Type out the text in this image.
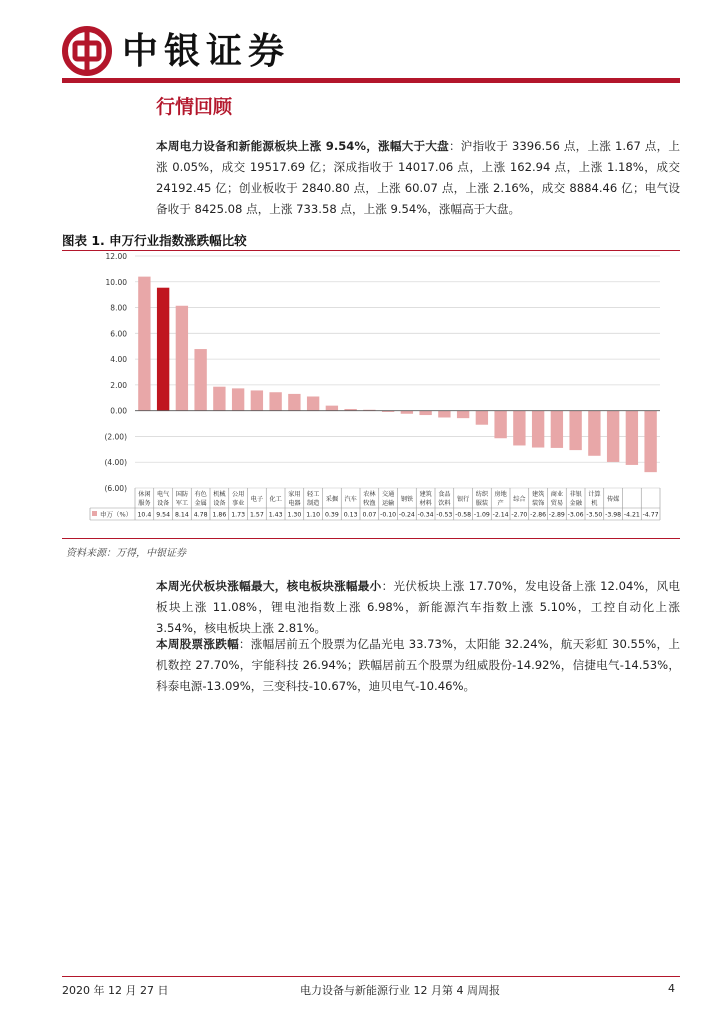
中银证券
行情回顾
本周电力设备和新能源板块上涨 9.54%，涨幅大于大盘：沪指收于 3396.56 点，上涨 1.67 点，上涨 0.05%，成交 19517.69 亿；深成指收于 14017.06 点，上涨 162.94 点，上涨 1.18%，成交 24192.45 亿；创业板收于 2840.80 点，上涨 60.07 点，上涨 2.16%，成交 8884.46 亿；电气设备收于 8425.08 点，上涨 733.58 点，上涨 9.54%，涨幅高于大盘。
图表 1. 申万行业指数涨跌幅比较
12.00
10.00
8.00
6.00
4.00
2.00
0.00
(2.00)
(4.00)
(6.00)
申万（%）
休闲
服务
电气
设备
国防
军工
有色
金属
机械
设备
公用
事业
电子 化工
家用
电器
轻工
制造
采掘 汽车
农林
牧渔
交通
运输
钢铁
建筑
材料
食品
饮料
银行
纺织
服装
房地
产
综合
建筑
装饰
商业
贸易
非银
金融
计算
机
传媒
10.4 9.54 8.14 4.78 1.86 1.73 1.57 1.43 1.30 1.10 0.39 0.13 0.07 -0.10 -0.24 -0.34 -0.53 -0.58 -1.09 -2.14 -2.70 -2.86 -2.89 -3.06 -3.50 -3.98 -4.21 -4.77
资料来源：万得，中银证券
本周光伏板块涨幅最大，核电板块涨幅最小：光伏板块上涨 17.70%，发电设备上涨 12.04%，风电板块上涨 11.08%，锂电池指数上涨 6.98%，新能源汽车指数上涨 5.10%，工控自动化上涨 3.54%，核电板块上涨 2.81%。
本周股票涨跌幅：涨幅居前五个股票为亿晶光电 33.73%，太阳能 32.24%，航天彩虹 30.55%，上机数控 27.70%，宇能科技 26.94%；跌幅居前五个股票为纽威股份-14.92%，信捷电气-14.53%，科泰电源-13.09%，三变科技-10.67%，迪贝电气-10.46%。
2020 年 12 月 27 日	电力设备与新能源行业 12 月第 4 周周报	4
